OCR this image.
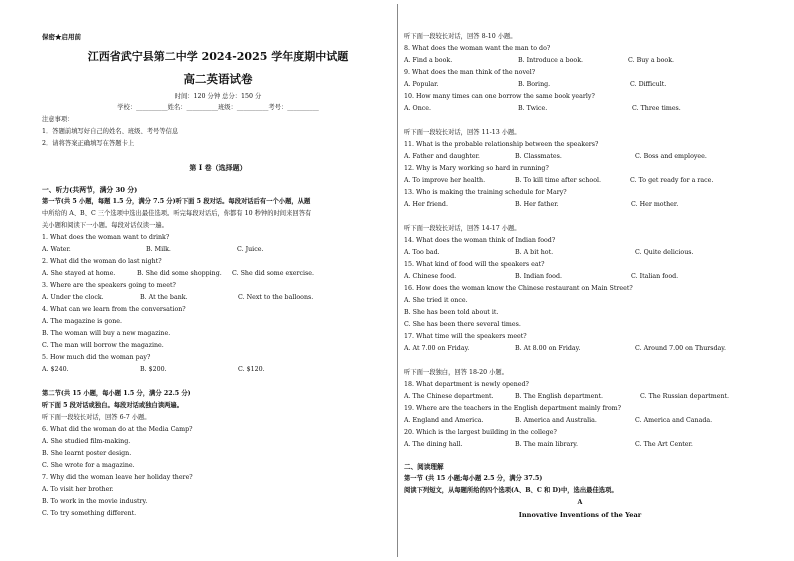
保密★启用前
江西省武宁县第二中学 2024-2025 学年度期中试题
高二英语试卷
时间：120 分钟 总分：150 分
学校：__________姓名：__________班级：__________考号：__________
注意事项：
1．答题前填写好自己的姓名、班级、考号等信息
2．请将答案正确填写在答题卡上
第 I 卷（选择题）
一、听力(共两节，满分 30 分)
第一节(共 5 小题，每题 1.5 分，满分 7.5 分)听下面 5 段对话。每段对话后有一个小题，从题
中所给的 A、B、C 三个选项中选出最佳选项。听完每段对话后，你都有 10 秒钟的时间来回答有
关小题和阅读下一小题。每段对话仅读一遍。
1. What does the woman want to drink?
A. Water.	B. Milk.	C. Juice.
2. What did the woman do last night?
A. She stayed at home.	B. She did some shopping. C. She did some exercise.
3. Where are the speakers going to meet?
A. Under the clock.	B. At the bank.	C. Next to the balloons.
4. What can we learn from the conversation?
A. The magazine is gone.
B. The woman will buy a new magazine.
C. The man will borrow the magazine.
5. How much did the woman pay?
A. $240.	B. $200.	C. $120.
第二节(共 15 小题，每小题 1.5 分，满分 22.5 分)
听下面 5 段对话或独白。每段对话或独白读两遍。
听下面一段较长对话，回答 6-7 小题。
6. What did the woman do at the Media Camp?
A. She studied film-making.
B. She learnt poster design.
C. She wrote for a magazine.
7. Why did the woman leave her holiday there?
A. To visit her brother.
B. To work in the movie industry.
C. To try something different.
听下面一段较长对话，回答 8-10 小题。
8. What does the woman want the man to do?
A. Find a book.	B. Introduce a book.	C. Buy a book.
9. What does the man think of the novel?
A. Popular.	B. Boring.	C. Difficult.
10. How many times can one borrow the same book yearly?
A. Once.	B. Twice.	C. Three times.
听下面一段较长对话，回答 11-13 小题。
11. What is the probable relationship between the speakers?
A. Father and daughter.	B. Classmates.	C. Boss and employee.
12. Why is Mary working so hard in running?
A. To improve her health.	B. To kill time after school.	C. To get ready for a race.
13. Who is making the training schedule for Mary?
A. Her friend.	B. Her father.	C. Her mother.
听下面一段较长对话，回答 14-17 小题。
14. What does the woman think of Indian food?
A. Too bad.	B. A bit hot.	C. Quite delicious.
15. What kind of food will the speakers eat?
A. Chinese food.	B. Indian food.	C. Italian food.
16. How does the woman know the Chinese restaurant on Main Street?
A. She tried it once.
B. She has been told about it.
C. She has been there several times.
17. What time will the speakers meet?
A. At 7.00 on Friday.	B. At 8.00 on Friday.	C. Around 7.00 on Thursday.
听下面一段独白，回答 18-20 小题。
18. What department is newly opened?
A. The Chinese department.	B. The English department.	C. The Russian department.
19. Where are the teachers in the English department mainly from?
A. England and America.	B. America and Australia.	C. America and Canada.
20. Which is the largest building in the college?
A. The dining hall.	B. The main library.	C. The Art Center.
二、阅读理解
第一节 (共 15 小题;每小题 2.5 分，满分 37.5)
阅读下列短文，从每题所给的四个选项(A、B、C 和 D)中，选出最佳选项。
A
Innovative Inventions of the Year
